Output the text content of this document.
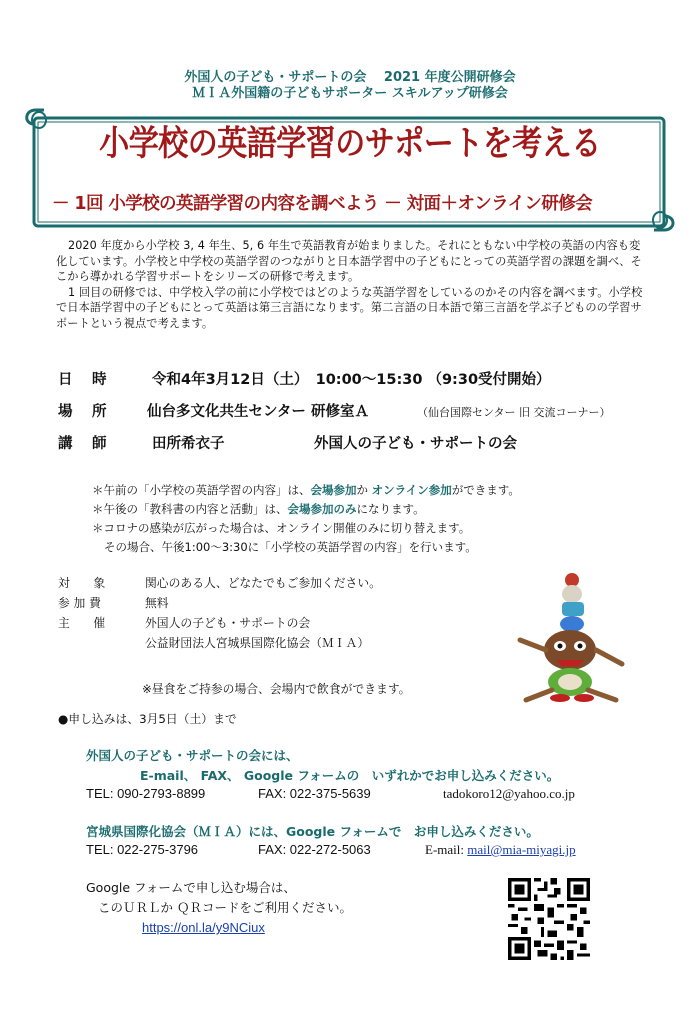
外国人の子ども・サポートの会　 2021 年度公開研修会
ＭＩＡ外国籍の子どもサポーター スキルアップ研修会
小学校の英語学習のサポートを考える
－ 1回 小学校の英語学習の内容を調べよう － 対面＋オンライン研修会

2020 年度から小学校 3, 4 年生、5, 6 年生で英語教育が始まりました。それにともない中学校の英語の内容も変化しています。小学校と中学校の英語学習のつながりと日本語学習中の子どもにとっての英語学習の課題を調べ、そこから導かれる学習サポートをシリーズの研修で考えます。

1 回目の研修では、中学校入学の前に小学校ではどのような英語学習をしているのかその内容を調べます。小学校で日本語学習中の子どもにとって英語は第三言語になります。第二言語の日本語で第三言語を学ぶ子どものの学習サポートという視点で考えます。

日　 時	令和4年3月12日（土）　10:00～15:30 （9:30受付開始）
場　 所	仙台多文化共生センター 研修室Ａ	（仙台国際センター 旧 交流コーナー）
講　 師	田所希衣子	外国人の子ども・サポートの会
＊午前の「小学校の英語学習の内容」は、会場参加か オンライン参加ができます。
＊午後の「教科書の内容と活動」は、会場参加のみになります。
＊コロナの感染が広がった場合は、オンライン開催のみに切り替えます。
その場合、午後1:00～3:30に「小学校の英語学習の内容」を行います。
対　　象	関心のある人、どなたでもご参加ください。
参 加 費	無料
主　　催	外国人の子ども・サポートの会
公益財団法人宮城県国際化協会（ＭＩＡ）
※昼食をご持参の場合、会場内で飲食ができます。
●申し込みは、3月5日（土）まで
外国人の子ども・サポートの会には、
E-mail、 FAX、 Google フォームの　いずれかでお申し込みください。
TEL: 090-2793-8899	FAX: 022-375-5639	tadokoro12@yahoo.co.jp
宮城県国際化協会（ＭＩＡ）には、Google フォームで　お申し込みください。
TEL: 022-275-3796	FAX: 022-272-5063	E-mail: mail@mia-miyagi.jp
Google フォームで申し込む場合は、
このＵＲＬか ＱＲコードをご利用ください。
https://onl.la/y9NCiux
